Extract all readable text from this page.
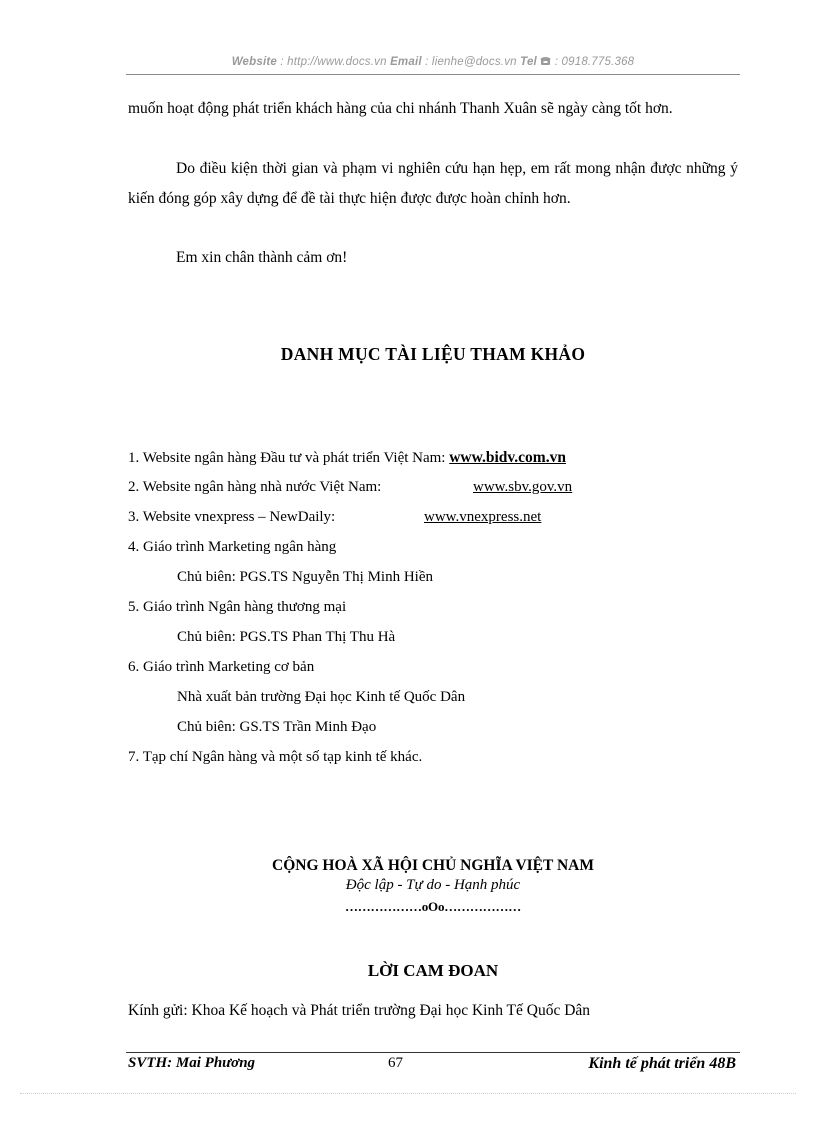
Website : http://www.docs.vn Email : lienhe@docs.vn Tel  : 0918.775.368
muốn hoạt động phát triển khách hàng của chi nhánh Thanh Xuân sẽ ngày càng tốt hơn.
Do điều kiện thời gian và phạm vi nghiên cứu hạn hẹp, em rất mong nhận được những ý kiến đóng góp xây dựng để đề tài thực hiện được được hoàn chỉnh hơn.
Em xin chân thành cảm ơn!
DANH MỤC TÀI LIỆU THAM KHẢO
1. Website ngân hàng Đầu tư và phát triển Việt Nam: www.bidv.com.vn
2. Website ngân hàng nhà nước Việt Nam:	www.sbv.gov.vn
3. Website vnexpress – NewDaily:	www.vnexpress.net
4. Giáo trình Marketing ngân hàng
Chủ biên: PGS.TS Nguyễn Thị Minh Hiền
5. Giáo trình Ngân hàng thương mại
Chủ biên: PGS.TS Phan Thị Thu Hà
6. Giáo trình Marketing cơ bản
Nhà xuất bản trường Đại học Kinh tế Quốc Dân
Chủ biên: GS.TS Trần Minh Đạo
7. Tạp chí Ngân hàng và một số tạp kinh tế khác.
CỘNG HOÀ XÃ HỘI CHỦ NGHĨA VIỆT NAM
Độc lập - Tự do - Hạnh phúc
………………oOo………………
LỜI CAM ĐOAN
Kính gửi: Khoa Kế hoạch và Phát triển trường Đại học Kinh Tế Quốc Dân
SVTH: Mai Phương	67	Kinh tế phát triển 48B
